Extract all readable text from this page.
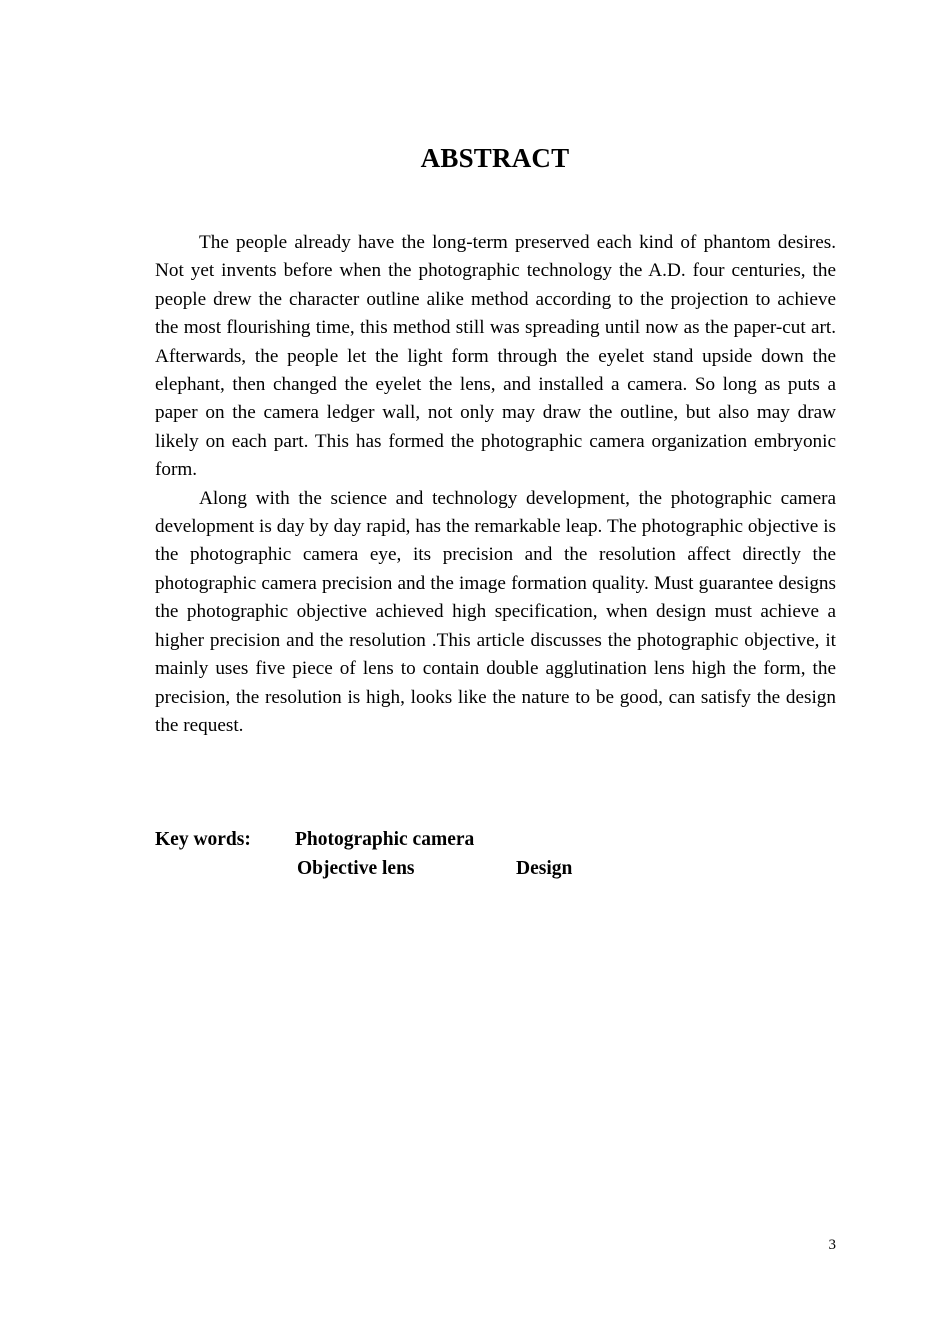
ABSTRACT

The people already have the long-term preserved each kind of phantom desires. Not yet invents before when the photographic technology the A.D. four centuries, the people drew the character outline alike method according to the projection to achieve the most flourishing time, this method still was spreading until now as the paper-cut art. Afterwards, the people let the light form through the eyelet stand upside down the elephant, then changed the eyelet the lens, and installed a camera. So long as puts a paper on the camera ledger wall, not only may draw the outline, but also may draw likely on each part. This has formed the photographic camera organization embryonic form.

Along with the science and technology development, the photographic camera development is day by day rapid, has the remarkable leap. The photographic objective is the photographic camera eye, its precision and the resolution affect directly the photographic camera precision and the image formation quality. Must guarantee designs the photographic objective achieved high specification, when design must achieve a higher precision and the resolution .This article discusses the photographic objective, it mainly uses five piece of lens to contain double agglutination lens high the form, the precision, the resolution is high, looks like the nature to be good, can satisfy the design the request.

Key words: Photographic camera
Objective lens	Design
3
